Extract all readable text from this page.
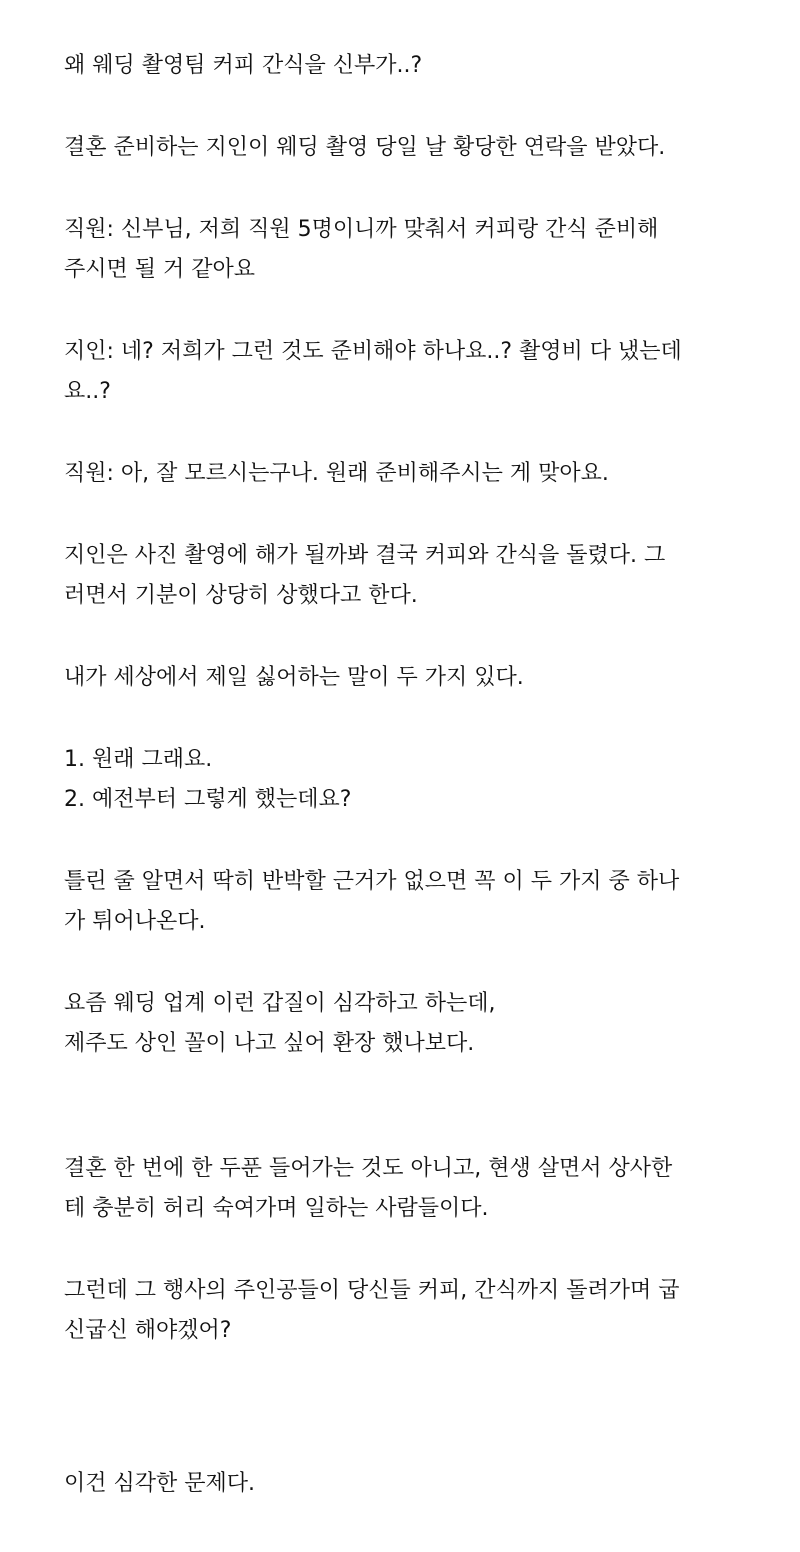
왜 웨딩 촬영팀 커피 간식을 신부가..?

결혼 준비하는 지인이 웨딩 촬영 당일 날 황당한 연락을 받았다.

직원: 신부님, 저희 직원 5명이니까 맞춰서 커피랑 간식 준비해

주시면 될 거 같아요

지인: 네? 저희가 그런 것도 준비해야 하나요..? 촬영비 다 냈는데

요..?

직원: 아, 잘 모르시는구나. 원래 준비해주시는 게 맞아요.

지인은 사진 촬영에 해가 될까봐 결국 커피와 간식을 돌렸다. 그

러면서 기분이 상당히 상했다고 한다.

내가 세상에서 제일 싫어하는 말이 두 가지 있다.

1. 원래 그래요.

2. 예전부터 그렇게 했는데요?

틀린 줄 알면서 딱히 반박할 근거가 없으면 꼭 이 두 가지 중 하나

가 튀어나온다.

요즘 웨딩 업계 이런 갑질이 심각하고 하는데,

제주도 상인 꼴이 나고 싶어 환장 했나보다.

결혼 한 번에 한 두푼 들어가는 것도 아니고, 현생 살면서 상사한

테 충분히 허리 숙여가며 일하는 사람들이다.

그런데 그 행사의 주인공들이 당신들 커피, 간식까지 돌려가며 굽

신굽신 해야겠어?

이건 심각한 문제다.
